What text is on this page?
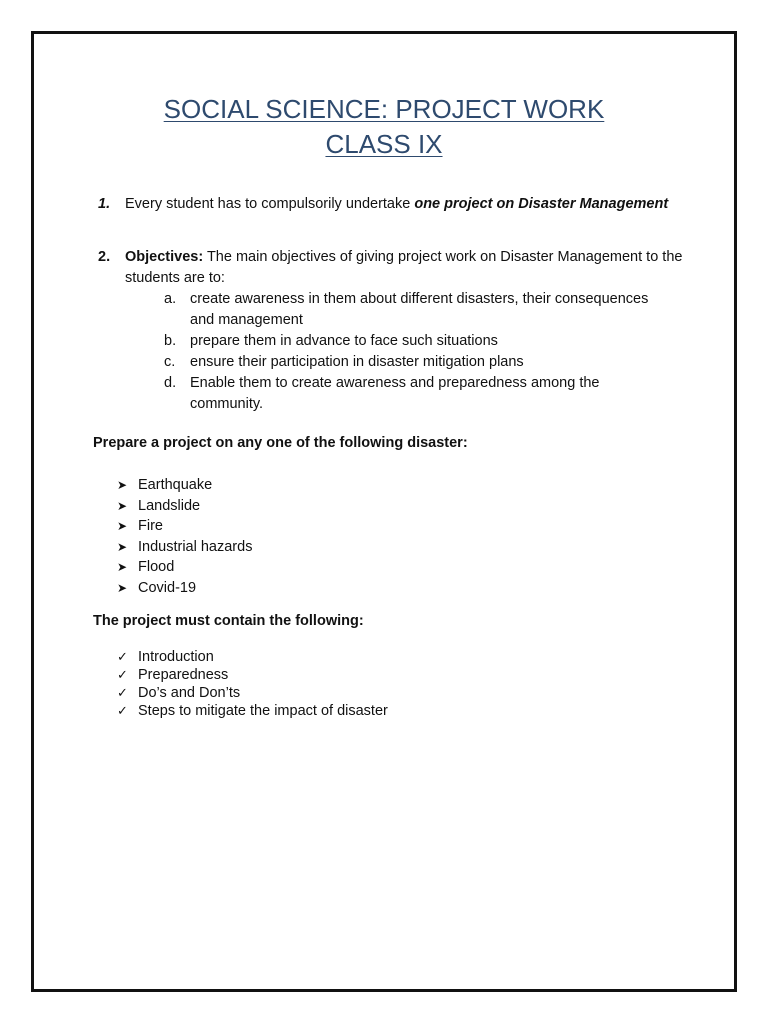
SOCIAL SCIENCE: PROJECT WORK
CLASS IX
1.	Every student has to compulsorily undertake one project on Disaster Management
2.	Objectives: The main objectives of giving project work on Disaster Management to the students are to:
a. create awareness in them about different disasters, their consequences and management
b. prepare them in advance to face such situations
c. ensure their participation in disaster mitigation plans
d. Enable them to create awareness and preparedness among the community.
Prepare a project on any one of the following disaster:
➤ Earthquake
➤ Landslide
➤ Fire
➤ Industrial hazards
➤ Flood
➤ Covid-19
The project must contain the following:
✓ Introduction
✓ Preparedness
✓ Do’s and Don’ts
✓ Steps to mitigate the impact of disaster
